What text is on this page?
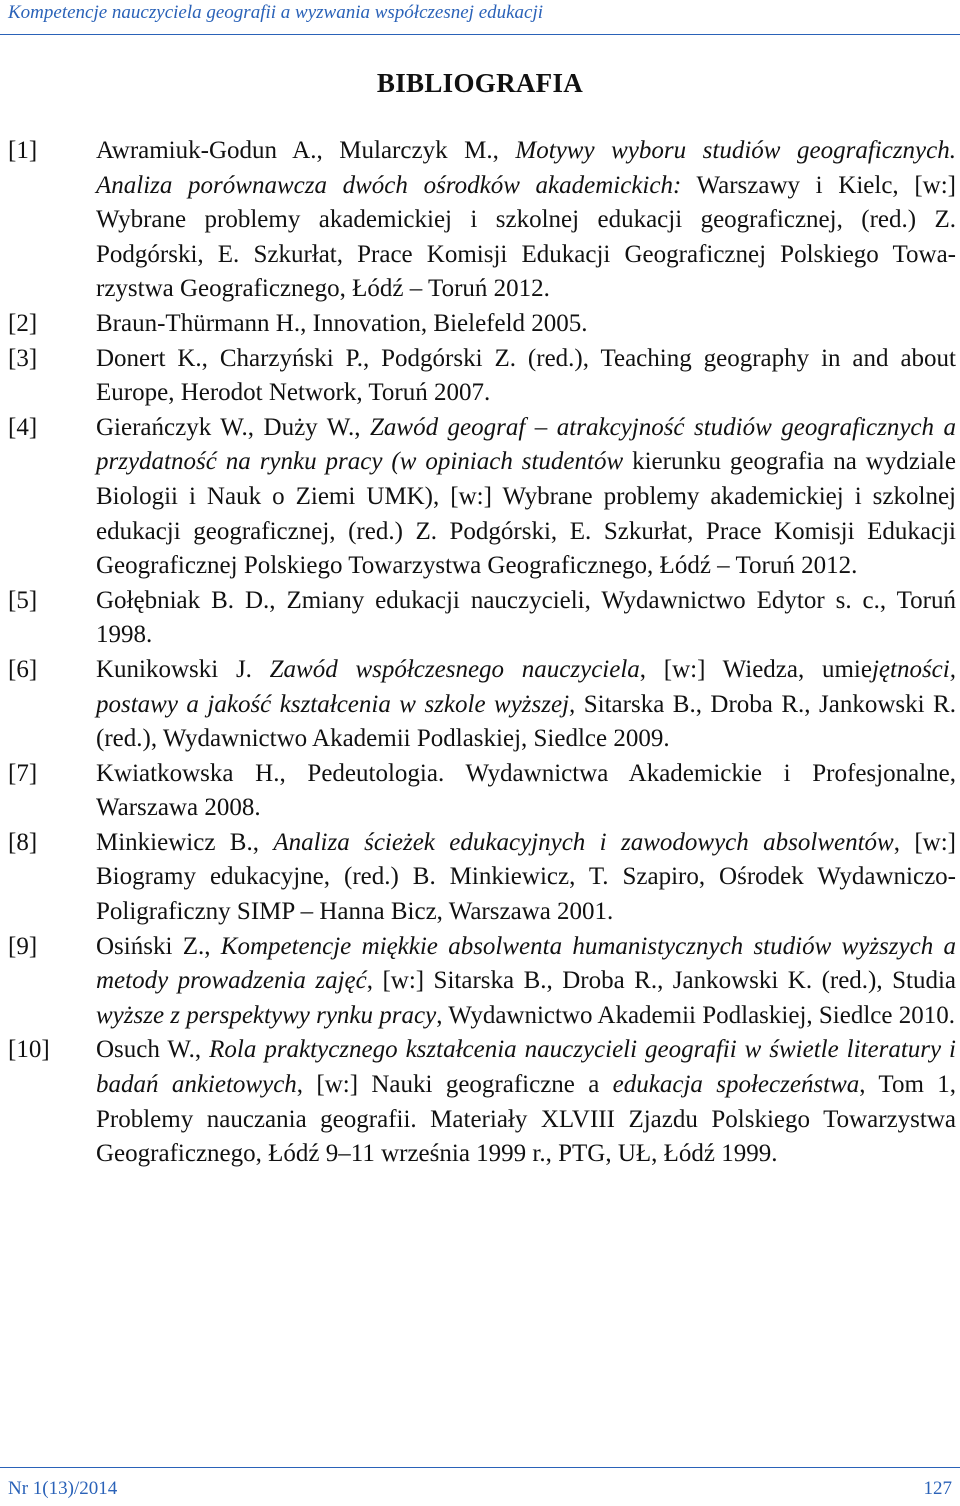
Kompetencje nauczyciela geografii a wyzwania współczesnej edukacji
BIBLIOGRAFIA
[1]	Awramiuk-Godun A., Mularczyk M., Motywy wyboru studiów geograficznych. Analiza porównawcza dwóch ośrodków akademickich: Warszawy i Kielc, [w:] Wybrane problemy akademickiej i szkolnej edukacji geograficznej, (red.) Z. Podgórski, E. Szkurłat, Prace Komisji Edukacji Geograficznej Polskiego Towarzystwa Geograficznego, Łódź – Toruń 2012.
[2]	Braun-Thürmann H., Innovation, Bielefeld 2005.
[3]	Donert K., Charzyński P., Podgórski Z. (red.), Teaching geography in and about Europe, Herodot Network, Toruń 2007.
[4]	Gierańczyk W., Duży W., Zawód geograf – atrakcyjność studiów geograficznych a przydatność na rynku pracy (w opiniach studentów kierunku geografia na wydziale Biologii i Nauk o Ziemi UMK), [w:] Wybrane problemy akademickiej i szkolnej edukacji geograficznej, (red.) Z. Podgórski, E. Szkurłat, Prace Komisji Edukacji Geograficznej Polskiego Towarzystwa Geograficznego, Łódź – Toruń 2012.
[5]	Gołębniak B. D., Zmiany edukacji nauczycieli, Wydawnictwo Edytor s. c., Toruń 1998.
[6]	Kunikowski J. Zawód współczesnego nauczyciela, [w:] Wiedza, umiejętności, postawy a jakość kształcenia w szkole wyższej, Sitarska B., Droba R., Jankowski R. (red.), Wydawnictwo Akademii Podlaskiej, Siedlce 2009.
[7]	Kwiatkowska H., Pedeutologia. Wydawnictwa Akademickie i Profesjonalne, Warszawa 2008.
[8]	Minkiewicz B., Analiza ścieżek edukacyjnych i zawodowych absolwentów, [w:] Biogramy edukacyjne, (red.) B. Minkiewicz, T. Szapiro, Ośrodek Wydawniczo-Poligraficzny SIMP – Hanna Bicz, Warszawa 2001.
[9]	Osiński Z., Kompetencje miękkie absolwenta humanistycznych studiów wyższych a metody prowadzenia zajęć, [w:] Sitarska B., Droba R., Jankowski K. (red.), Studia wyższe z perspektywy rynku pracy, Wydawnictwo Akademii Podlaskiej, Siedlce 2010.
[10]	Osuch W., Rola praktycznego kształcenia nauczycieli geografii w świetle literatury i badań ankietowych, [w:] Nauki geograficzne a edukacja społeczeństwa, Tom 1, Problemy nauczania geografii. Materiały XLVIII Zjazdu Polskiego Towarzystwa Geograficznego, Łódź 9–11 września 1999 r., PTG, UŁ, Łódź 1999.
Nr 1(13)/2014	127
